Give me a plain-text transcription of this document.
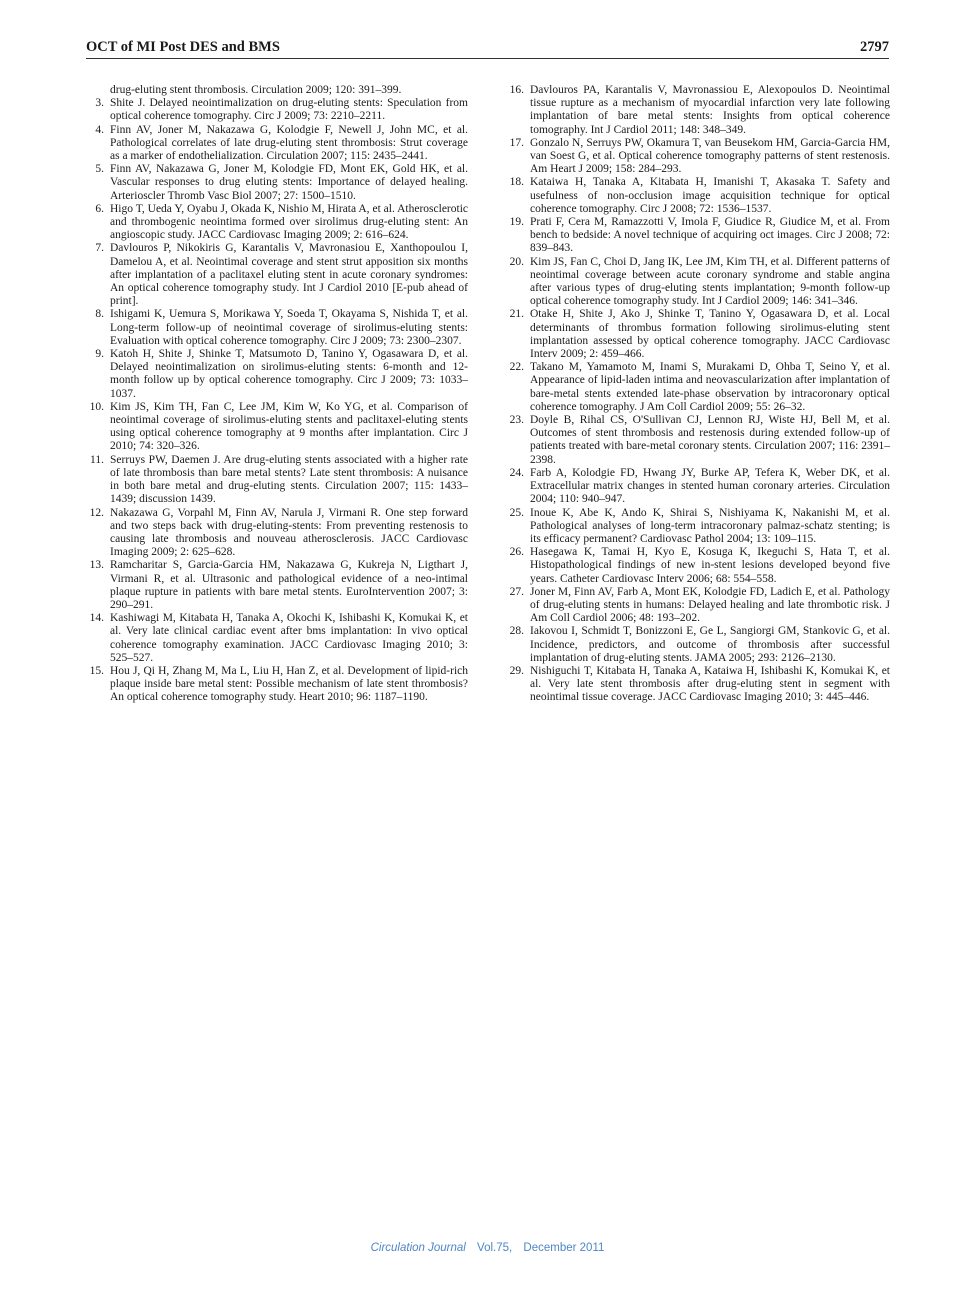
OCT of MI Post DES and BMS	2797
drug-eluting stent thrombosis. Circulation 2009; 120: 391–399.
3. Shite J. Delayed neointimalization on drug-eluting stents: Speculation from optical coherence tomography. Circ J 2009; 73: 2210–2211.
4. Finn AV, Joner M, Nakazawa G, Kolodgie F, Newell J, John MC, et al. Pathological correlates of late drug-eluting stent thrombosis: Strut coverage as a marker of endothelialization. Circulation 2007; 115: 2435–2441.
5. Finn AV, Nakazawa G, Joner M, Kolodgie FD, Mont EK, Gold HK, et al. Vascular responses to drug eluting stents: Importance of delayed healing. Arterioscler Thromb Vasc Biol 2007; 27: 1500–1510.
6. Higo T, Ueda Y, Oyabu J, Okada K, Nishio M, Hirata A, et al. Atherosclerotic and thrombogenic neointima formed over sirolimus drug-eluting stent: An angioscopic study. JACC Cardiovasc Imaging 2009; 2: 616–624.
7. Davlouros P, Nikokiris G, Karantalis V, Mavronasiou E, Xanthopoulou I, Damelou A, et al. Neointimal coverage and stent strut apposition six months after implantation of a paclitaxel eluting stent in acute coronary syndromes: An optical coherence tomography study. Int J Cardiol 2010 [E-pub ahead of print].
8. Ishigami K, Uemura S, Morikawa Y, Soeda T, Okayama S, Nishida T, et al. Long-term follow-up of neointimal coverage of sirolimus-eluting stents: Evaluation with optical coherence tomography. Circ J 2009; 73: 2300–2307.
9. Katoh H, Shite J, Shinke T, Matsumoto D, Tanino Y, Ogasawara D, et al. Delayed neointimalization on sirolimus-eluting stents: 6-month and 12-month follow up by optical coherence tomography. Circ J 2009; 73: 1033–1037.
10. Kim JS, Kim TH, Fan C, Lee JM, Kim W, Ko YG, et al. Comparison of neointimal coverage of sirolimus-eluting stents and paclitaxel-eluting stents using optical coherence tomography at 9 months after implantation. Circ J 2010; 74: 320–326.
11. Serruys PW, Daemen J. Are drug-eluting stents associated with a higher rate of late thrombosis than bare metal stents? Late stent thrombosis: A nuisance in both bare metal and drug-eluting stents. Circulation 2007; 115: 1433–1439; discussion 1439.
12. Nakazawa G, Vorpahl M, Finn AV, Narula J, Virmani R. One step forward and two steps back with drug-eluting-stents: From preventing restenosis to causing late thrombosis and nouveau atherosclerosis. JACC Cardiovasc Imaging 2009; 2: 625–628.
13. Ramcharitar S, Garcia-Garcia HM, Nakazawa G, Kukreja N, Ligthart J, Virmani R, et al. Ultrasonic and pathological evidence of a neo-intimal plaque rupture in patients with bare metal stents. EuroIntervention 2007; 3: 290–291.
14. Kashiwagi M, Kitabata H, Tanaka A, Okochi K, Ishibashi K, Komukai K, et al. Very late clinical cardiac event after bms implantation: In vivo optical coherence tomography examination. JACC Cardiovasc Imaging 2010; 3: 525–527.
15. Hou J, Qi H, Zhang M, Ma L, Liu H, Han Z, et al. Development of lipid-rich plaque inside bare metal stent: Possible mechanism of late stent thrombosis? An optical coherence tomography study. Heart 2010; 96: 1187–1190.
16. Davlouros PA, Karantalis V, Mavronassiou E, Alexopoulos D. Neointimal tissue rupture as a mechanism of myocardial infarction very late following implantation of bare metal stents: Insights from optical coherence tomography. Int J Cardiol 2011; 148: 348–349.
17. Gonzalo N, Serruys PW, Okamura T, van Beusekom HM, Garcia-Garcia HM, van Soest G, et al. Optical coherence tomography patterns of stent restenosis. Am Heart J 2009; 158: 284–293.
18. Kataiwa H, Tanaka A, Kitabata H, Imanishi T, Akasaka T. Safety and usefulness of non-occlusion image acquisition technique for optical coherence tomography. Circ J 2008; 72: 1536–1537.
19. Prati F, Cera M, Ramazzotti V, Imola F, Giudice R, Giudice M, et al. From bench to bedside: A novel technique of acquiring oct images. Circ J 2008; 72: 839–843.
20. Kim JS, Fan C, Choi D, Jang IK, Lee JM, Kim TH, et al. Different patterns of neointimal coverage between acute coronary syndrome and stable angina after various types of drug-eluting stents implantation; 9-month follow-up optical coherence tomography study. Int J Cardiol 2009; 146: 341–346.
21. Otake H, Shite J, Ako J, Shinke T, Tanino Y, Ogasawara D, et al. Local determinants of thrombus formation following sirolimus-eluting stent implantation assessed by optical coherence tomography. JACC Cardiovasc Interv 2009; 2: 459–466.
22. Takano M, Yamamoto M, Inami S, Murakami D, Ohba T, Seino Y, et al. Appearance of lipid-laden intima and neovascularization after implantation of bare-metal stents extended late-phase observation by intracoronary optical coherence tomography. J Am Coll Cardiol 2009; 55: 26–32.
23. Doyle B, Rihal CS, O'Sullivan CJ, Lennon RJ, Wiste HJ, Bell M, et al. Outcomes of stent thrombosis and restenosis during extended follow-up of patients treated with bare-metal coronary stents. Circulation 2007; 116: 2391–2398.
24. Farb A, Kolodgie FD, Hwang JY, Burke AP, Tefera K, Weber DK, et al. Extracellular matrix changes in stented human coronary arteries. Circulation 2004; 110: 940–947.
25. Inoue K, Abe K, Ando K, Shirai S, Nishiyama K, Nakanishi M, et al. Pathological analyses of long-term intracoronary palmaz-schatz stenting; is its efficacy permanent? Cardiovasc Pathol 2004; 13: 109–115.
26. Hasegawa K, Tamai H, Kyo E, Kosuga K, Ikeguchi S, Hata T, et al. Histopathological findings of new in-stent lesions developed beyond five years. Catheter Cardiovasc Interv 2006; 68: 554–558.
27. Joner M, Finn AV, Farb A, Mont EK, Kolodgie FD, Ladich E, et al. Pathology of drug-eluting stents in humans: Delayed healing and late thrombotic risk. J Am Coll Cardiol 2006; 48: 193–202.
28. Iakovou I, Schmidt T, Bonizzoni E, Ge L, Sangiorgi GM, Stankovic G, et al. Incidence, predictors, and outcome of thrombosis after successful implantation of drug-eluting stents. JAMA 2005; 293: 2126–2130.
29. Nishiguchi T, Kitabata H, Tanaka A, Kataiwa H, Ishibashi K, Komukai K, et al. Very late stent thrombosis after drug-eluting stent in segment with neointimal tissue coverage. JACC Cardiovasc Imaging 2010; 3: 445–446.
Circulation Journal Vol.75, December 2011
